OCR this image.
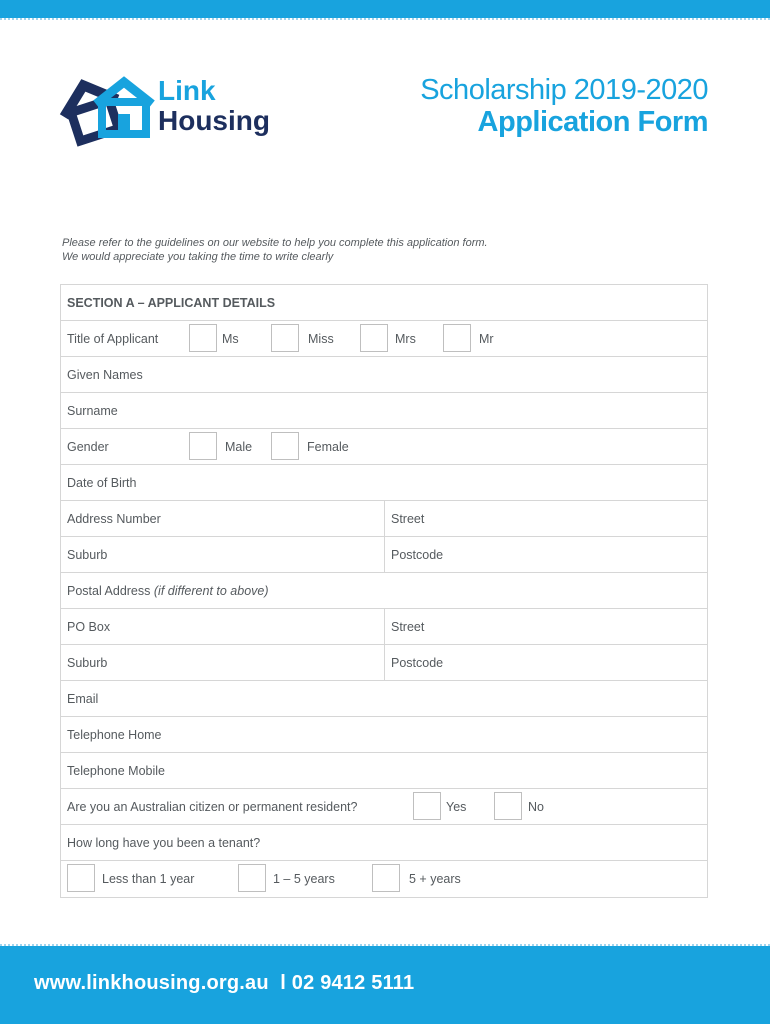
Link
Housing
Scholarship 2019-2020
Application Form
Please refer to the guidelines on our website to help you complete this application form.
We would appreciate you taking the time to write clearly
SECTION A – APPLICANT DETAILS
Title of Applicant	Ms	Miss	Mrs	Mr
Given Names
Surname
Gender	Male	Female
Date of Birth
Address Number	Street
Suburb	Postcode
Postal Address (if different to above)
PO Box	Street
Suburb	Postcode
Email
Telephone Home
Telephone Mobile
Are you an Australian citizen or permanent resident?	Yes	No
How long have you been a tenant?
Less than 1 year	1 – 5 years	5 + years
www.linkhousing.org.au  l 02 9412 5111
